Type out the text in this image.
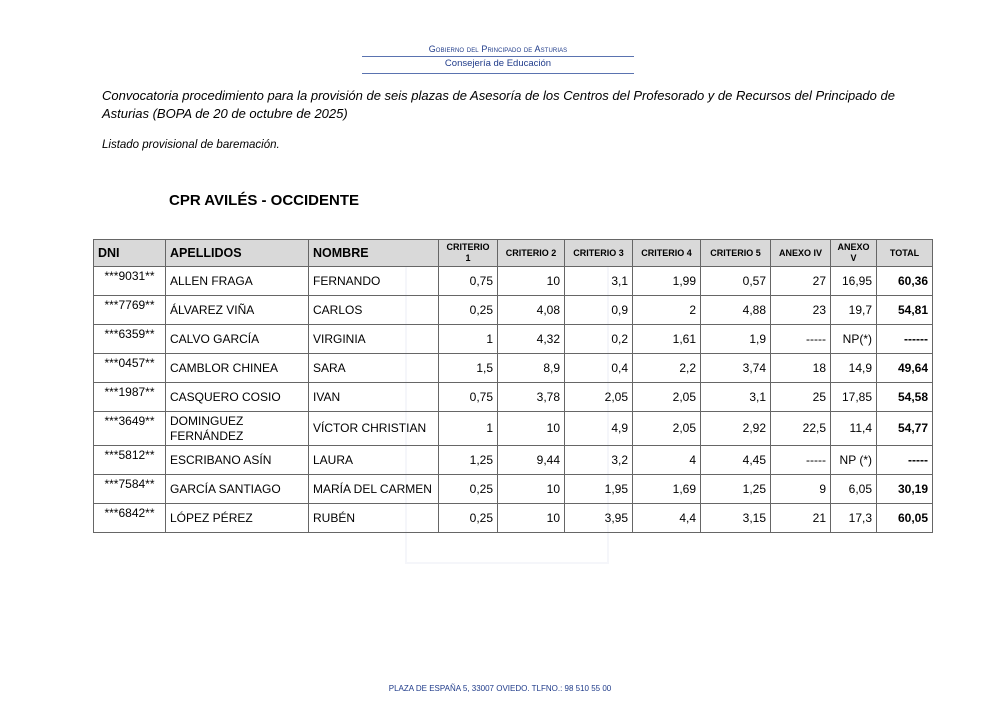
Gobierno del Principado de Asturias
Consejería de Educación
Convocatoria procedimiento para la provisión de seis plazas de Asesoría de los Centros del Profesorado y de Recursos del Principado de Asturias (BOPA de 20 de octubre de 2025)
Listado provisional de baremación.
CPR AVILÉS - OCCIDENTE
DNI	APELLIDOS	NOMBRE	CRITERIO 1	CRITERIO 2	CRITERIO 3	CRITERIO 4	CRITERIO 5	ANEXO IV	ANEXO V	TOTAL
***9031**	ALLEN FRAGA	FERNANDO	0,75	10	3,1	1,99	0,57	27	16,95	60,36
***7769**	ÁLVAREZ VIÑA	CARLOS	0,25	4,08	0,9	2	4,88	23	19,7	54,81
***6359**	CALVO GARCÍA	VIRGINIA	1	4,32	0,2	1,61	1,9	-----	NP(*)	------
***0457**	CAMBLOR CHINEA	SARA	1,5	8,9	0,4	2,2	3,74	18	14,9	49,64
***1987**	CASQUERO COSIO	IVAN	0,75	3,78	2,05	2,05	3,1	25	17,85	54,58
***3649**	DOMINGUEZ FERNÁNDEZ	VÍCTOR CHRISTIAN	1	10	4,9	2,05	2,92	22,5	11,4	54,77
***5812**	ESCRIBANO ASÍN	LAURA	1,25	9,44	3,2	4	4,45	-----	NP (*)	-----
***7584**	GARCÍA SANTIAGO	MARÍA DEL CARMEN	0,25	10	1,95	1,69	1,25	9	6,05	30,19
***6842**	LÓPEZ PÉREZ	RUBÉN	0,25	10	3,95	4,4	3,15	21	17,3	60,05
PLAZA DE ESPAÑA 5, 33007 OVIEDO. TLFNO.: 98 510 55 00
